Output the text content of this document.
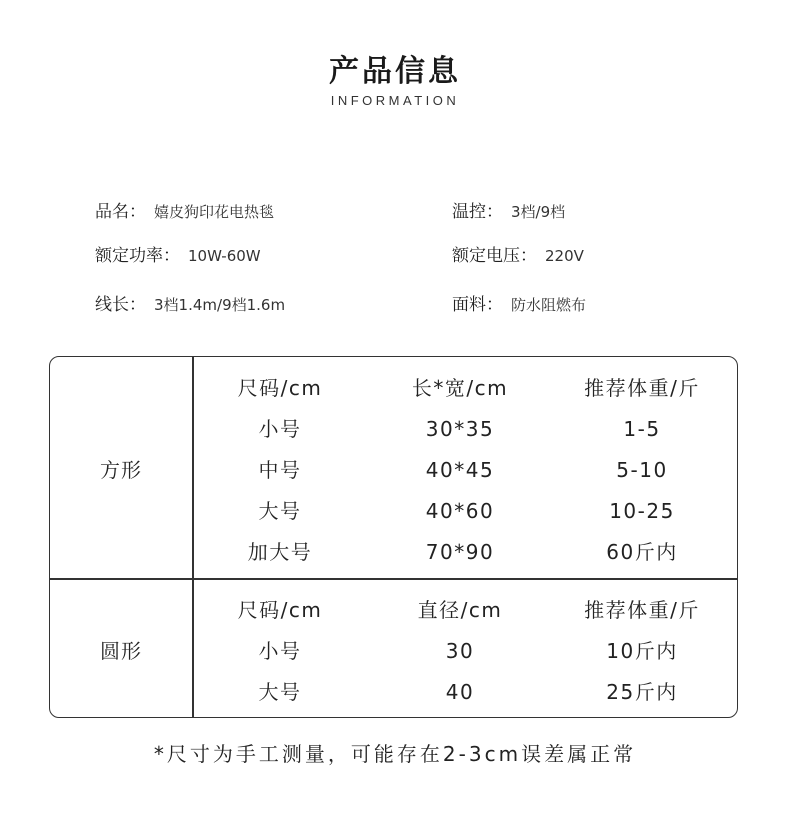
产品信息
INFORMATION
品名： 嬉皮狗印花电热毯	温控： 3档/9档
额定功率： 10W-60W	额定电压： 220V
线长： 3档1.4m/9档1.6m	面料： 防水阻燃布
方形
尺码/cm	长*宽/cm	推荐体重/斤
小号	30*35	1-5
中号	40*45	5-10
大号	40*60	10-25
加大号	70*90	60斤内
圆形
尺码/cm	直径/cm	推荐体重/斤
小号	30	10斤内
大号	40	25斤内
*尺寸为手工测量，可能存在2-3cm误差属正常
